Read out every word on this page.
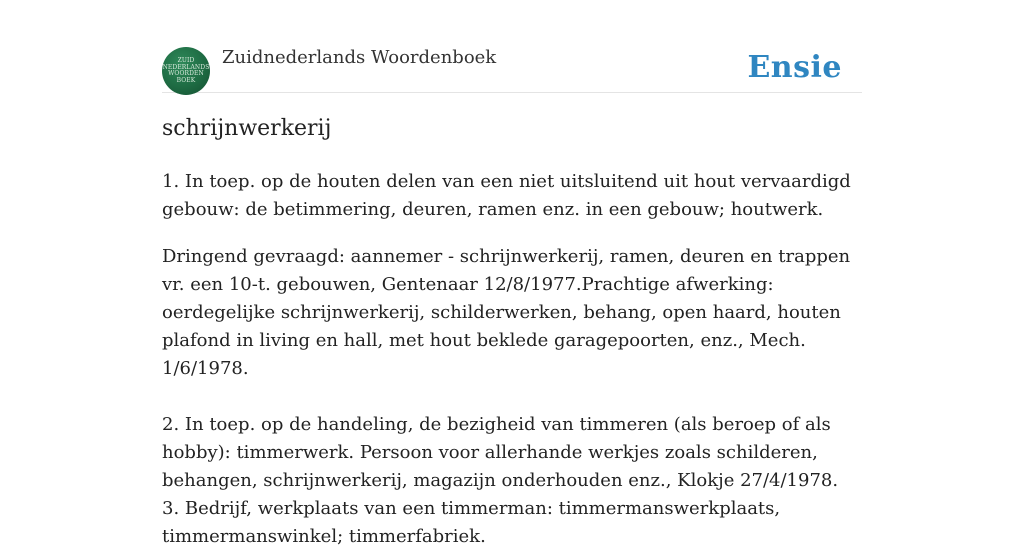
ZUID
NEDERLANDS
WOORDEN
BOEK
Zuidnederlands Woordenboek	Ensie
schrijnwerkerij

1. In toep. op de houten delen van een niet uitsluitend uit hout vervaardigd gebouw: de betimmering, deuren, ramen enz. in een gebouw; houtwerk.

Dringend gevraagd: aannemer - schrijnwerkerij, ramen, deuren en trappen vr. een 10-t. gebouwen, Gentenaar 12/8/1977.Prachtige afwerking: oerdegelijke schrijnwerkerij, schilderwerken, behang, open haard, houten plafond in living en hall, met hout beklede garagepoorten, enz., Mech. 1/6/1978.

2. In toep. op de handeling, de bezigheid van timmeren (als beroep of als hobby): timmerwerk. Persoon voor allerhande werkjes zoals schilderen, behangen, schrijnwerkerij, magazijn onderhouden enz., Klokje 27/4/1978.

3. Bedrijf, werkplaats van een timmerman: timmermanswerkplaats, timmermanswinkel; timmerfabriek.
